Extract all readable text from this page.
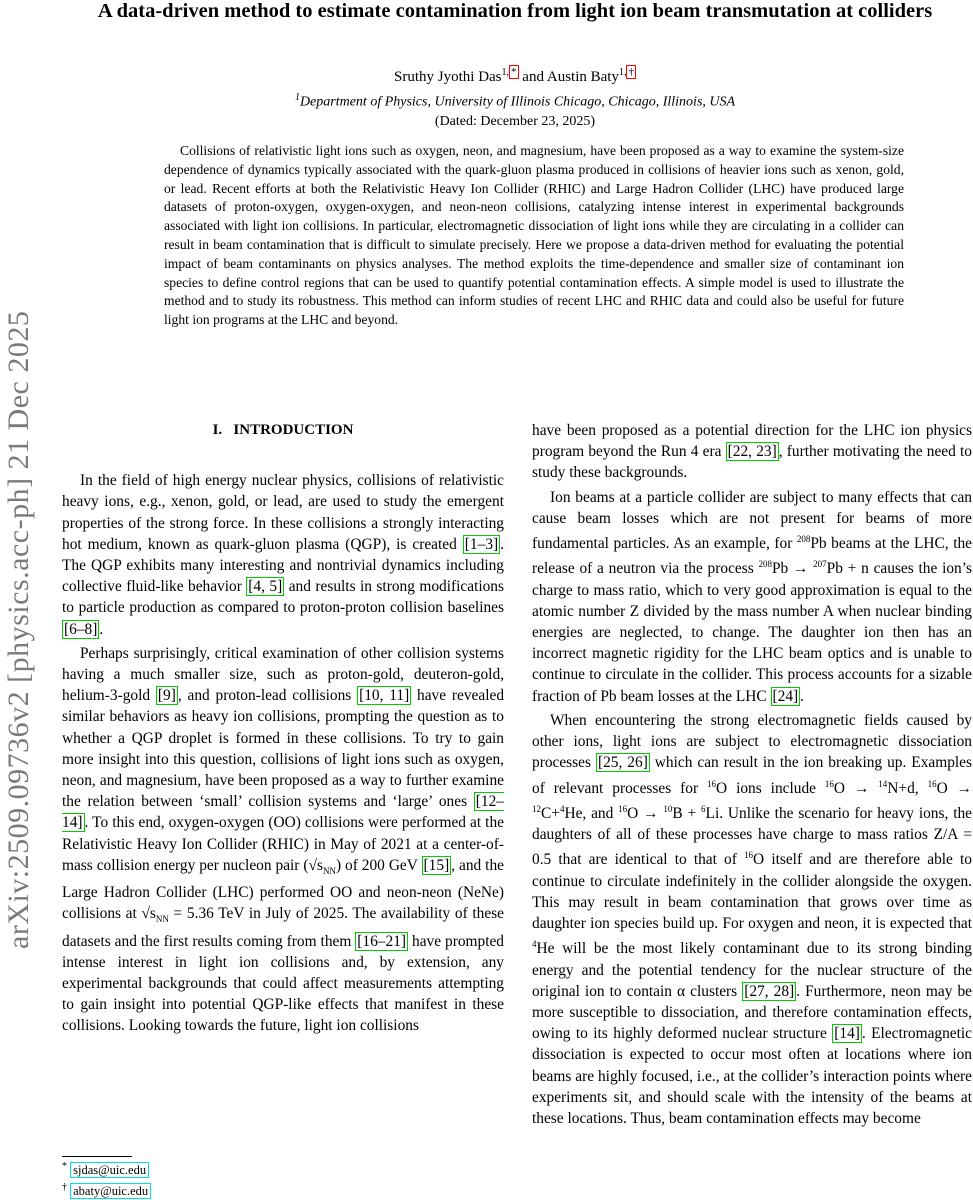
arXiv:2509.09736v2 [physics.acc-ph] 21 Dec 2025
A data-driven method to estimate contamination from light ion beam transmutation at colliders
Sruthy Jyothi Das$^{1,}$ * and Austin Baty$^{1,}$ †
$^1$Department of Physics, University of Illinois Chicago, Chicago, Illinois, USA
(Dated: December 23, 2025)
Collisions of relativistic light ions such as oxygen, neon, and magnesium, have been proposed as a way to examine the system-size dependence of dynamics typically associated with the quark-gluon plasma produced in collisions of heavier ions such as xenon, gold, or lead. Recent efforts at both the Relativistic Heavy Ion Collider (RHIC) and Large Hadron Collider (LHC) have produced large datasets of proton-oxygen, oxygen-oxygen, and neon-neon collisions, catalyzing intense interest in experimental backgrounds associated with light ion collisions. In particular, electromagnetic dissociation of light ions while they are circulating in a collider can result in beam contamination that is difficult to simulate precisely. Here we propose a data-driven method for evaluating the potential impact of beam contaminants on physics analyses. The method exploits the time-dependence and smaller size of contaminant ion species to define control regions that can be used to quantify potential contamination effects. A simple model is used to illustrate the method and to study its robustness. This method can inform studies of recent LHC and RHIC data and could also be useful for future light ion programs at the LHC and beyond.
I. INTRODUCTION

In the field of high energy nuclear physics, collisions of relativistic heavy ions, e.g., xenon, gold, or lead, are used to study the emergent properties of the strong force. In these collisions a strongly interacting hot medium, known as quark-gluon plasma (QGP), is created [1–3] . The QGP exhibits many interesting and nontrivial dynamics including collective fluid-like behavior [4, 5] and results in strong modifications to particle production as compared to proton-proton collision baselines [6–8] .

Perhaps surprisingly, critical examination of other collision systems having a much smaller size, such as proton-gold, deuteron-gold, helium-3-gold [9] , and proton-lead collisions [10, 11] have revealed similar behaviors as heavy ion collisions, prompting the question as to whether a QGP droplet is formed in these collisions. To try to gain more insight into this question, collisions of light ions such as oxygen, neon, and magnesium, have been proposed as a way to further examine the relation between ‘small’ collision systems and ‘large’ ones [12–14] . To this end, oxygen-oxygen (OO) collisions were performed at the Relativistic Heavy Ion Collider (RHIC) in May of 2021 at a center-of-mass collision energy per nucleon pair $(√s_{NN})$ of 200 GeV [15] , and the Large Hadron Collider (LHC) performed OO and neon-neon (NeNe) collisions at $√s_{NN} = 5.36$ TeV in July of 2025. The availability of these datasets and the first results coming from them [16–21] have prompted intense interest in light ion collisions and, by extension, any experimental backgrounds that could affect measurements attempting to gain insight into potential QGP-like effects that manifest in these collisions. Looking towards the future, light ion collisions

have been proposed as a potential direction for the LHC ion physics program beyond the Run 4 era [22, 23] , further motivating the need to study these backgrounds.

Ion beams at a particle collider are subject to many effects that can cause beam losses which are not present for beams of more fundamental particles. As an example, for $^{208}$Pb beams at the LHC, the release of a neutron via the process $^{208}$Pb → $^{207}$Pb + n causes the ion’s charge to mass ratio, which to very good approximation is equal to the atomic number Z divided by the mass number A when nuclear binding energies are neglected, to change. The daughter ion then has an incorrect magnetic rigidity for the LHC beam optics and is unable to continue to circulate in the collider. This process accounts for a sizable fraction of Pb beam losses at the LHC [24] .

When encountering the strong electromagnetic fields caused by other ions, light ions are subject to electromagnetic dissociation processes [25, 26] which can result in the ion breaking up. Examples of relevant processes for $^{16}$O ions include $^{16}$O → $^{14}$N+d, $^{16}$O → $^{12}$C+$^4$He, and $^{16}$O → $^{10}$B + $^6$Li. Unlike the scenario for heavy ions, the daughters of all of these processes have charge to mass ratios Z/A = 0.5 that are identical to that of $^{16}$O itself and are therefore able to continue to circulate indefinitely in the collider alongside the oxygen. This may result in beam contamination that grows over time as daughter ion species build up. For oxygen and neon, it is expected that $^4$He will be the most likely contaminant due to its strong binding energy and the potential tendency for the nuclear structure of the original ion to contain α clusters [27, 28] . Furthermore, neon may be more susceptible to dissociation, and therefore contamination effects, owing to its highly deformed nuclear structure [14] . Electromagnetic dissociation is expected to occur most often at locations where ion beams are highly focused, i.e., at the collider’s interaction points where experiments sit, and should scale with the intensity of the beams at these locations. Thus, beam contamination effects may become

* sjdas@uic.edu
† abaty@uic.edu
